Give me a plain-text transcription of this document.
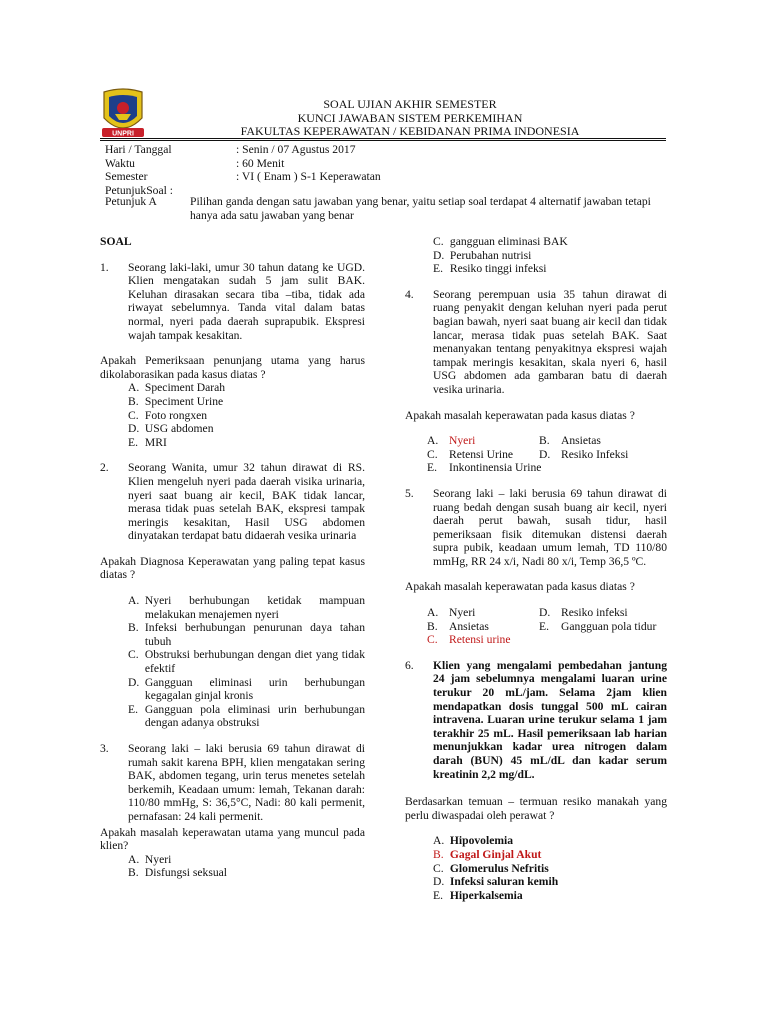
UNPRI
SOAL UJIAN AKHIR SEMESTER
KUNCI JAWABAN SISTEM PERKEMIHAN
FAKULTAS KEPERAWATAN / KEBIDANAN PRIMA INDONESIA
Hari / Tanggal	: Senin / 07 Agustus 2017
Waktu	: 60 Menit
Semester	: VI ( Enam ) S-1 Keperawatan
PetunjukSoal :
Petunjuk A	Pilihan ganda dengan satu jawaban yang benar, yaitu setiap soal terdapat 4 alternatif jawaban tetapi hanya ada satu jawaban yang benar
SOAL
1.	Seorang laki-laki, umur 30 tahun datang ke UGD. Klien mengatakan sudah 5 jam sulit BAK. Keluhan dirasakan secara tiba –tiba, tidak ada riwayat sebelumnya. Tanda vital dalam batas normal, nyeri pada daerah suprapubik. Ekspresi wajah tampak kesakitan.
Apakah Pemeriksaan penunjang utama yang harus dikolaborasikan pada kasus diatas ?
A.
Speciment Darah
B.
Speciment Urine
C.
Foto rongxen
D.
USG abdomen
E.
MRI
2.	Seorang Wanita, umur 32 tahun dirawat di RS. Klien mengeluh nyeri pada daerah visika urinaria, nyeri saat buang air kecil, BAK tidak lancar, merasa tidak puas setelah BAK, ekspresi tampak meringis kesakitan, Hasil USG abdomen dinyatakan terdapat batu didaerah vesika urinaria
Apakah Diagnosa Keperawatan yang paling tepat kasus diatas ?
A.
Nyeri berhubungan ketidak mampuan melakukan menajemen nyeri
B.
Infeksi berhubungan penurunan daya tahan tubuh
C.
Obstruksi berhubungan dengan diet yang tidak efektif
D.
Gangguan eliminasi urin berhubungan kegagalan ginjal kronis
E.
Gangguan pola eliminasi urin berhubungan dengan adanya obstruksi
3.	Seorang laki – laki berusia 69 tahun dirawat di rumah sakit karena BPH, klien mengatakan sering BAK, abdomen tegang, urin terus menetes setelah berkemih, Keadaan umum: lemah, Tekanan darah: 110/80 mmHg, S: 36,5°C, Nadi: 80 kali permenit, pernafasan: 24 kali permenit.
Apakah masalah keperawatan utama yang muncul pada klien?
A.
Nyeri
B.
Disfungsi seksual
C.
gangguan eliminasi BAK
D.
Perubahan nutrisi
E.
Resiko tinggi infeksi
4.	Seorang perempuan usia 35 tahun dirawat di ruang penyakit dengan keluhan nyeri pada perut bagian bawah, nyeri saat buang air kecil dan tidak lancar, merasa tidak puas setelah BAK. Saat menanyakan tentang penyakitnya ekspresi wajah tampak meringis kesakitan, skala nyeri 6, hasil USG abdomen ada gambaran batu di daerah vesika urinaria.
Apakah masalah keperawatan pada kasus diatas ?
A. Nyeri	B. Ansietas
C. Retensi Urine D. Resiko Infeksi
E.	Inkontinensia Urine
5.	Seorang laki – laki berusia 69 tahun dirawat di ruang bedah dengan susah buang air kecil, nyeri daerah perut bawah, susah tidur, hasil pemeriksaan fisik ditemukan distensi daerah supra pubik, keadaan umum lemah, TD 110/80 mmHg, RR 24 x/i, Nadi 80 x/i, Temp 36,5 ºC.
Apakah masalah keperawatan pada kasus diatas ?
A. Nyeri	D. Resiko infeksi
B. Ansietas	E.	Gangguan pola tidur
C. Retensi urine
6.	Klien yang mengalami pembedahan jantung 24 jam sebelumnya mengalami luaran urine terukur 20 mL/jam. Selama 2jam klien mendapatkan dosis tunggal 500 mL cairan intravena. Luaran urine terukur selama 1 jam terakhir 25 mL. Hasil pemeriksaan lab harian menunjukkan kadar urea nitrogen dalam darah (BUN) 45 mL/dL dan kadar serum kreatinin 2,2 mg/dL.
Berdasarkan temuan – termuan resiko manakah yang perlu diwaspadai oleh perawat ?
A.
Hipovolemia
B.
Gagal Ginjal Akut
C.
Glomerulus Nefritis
D.
Infeksi saluran kemih
E.
Hiperkalsemia
